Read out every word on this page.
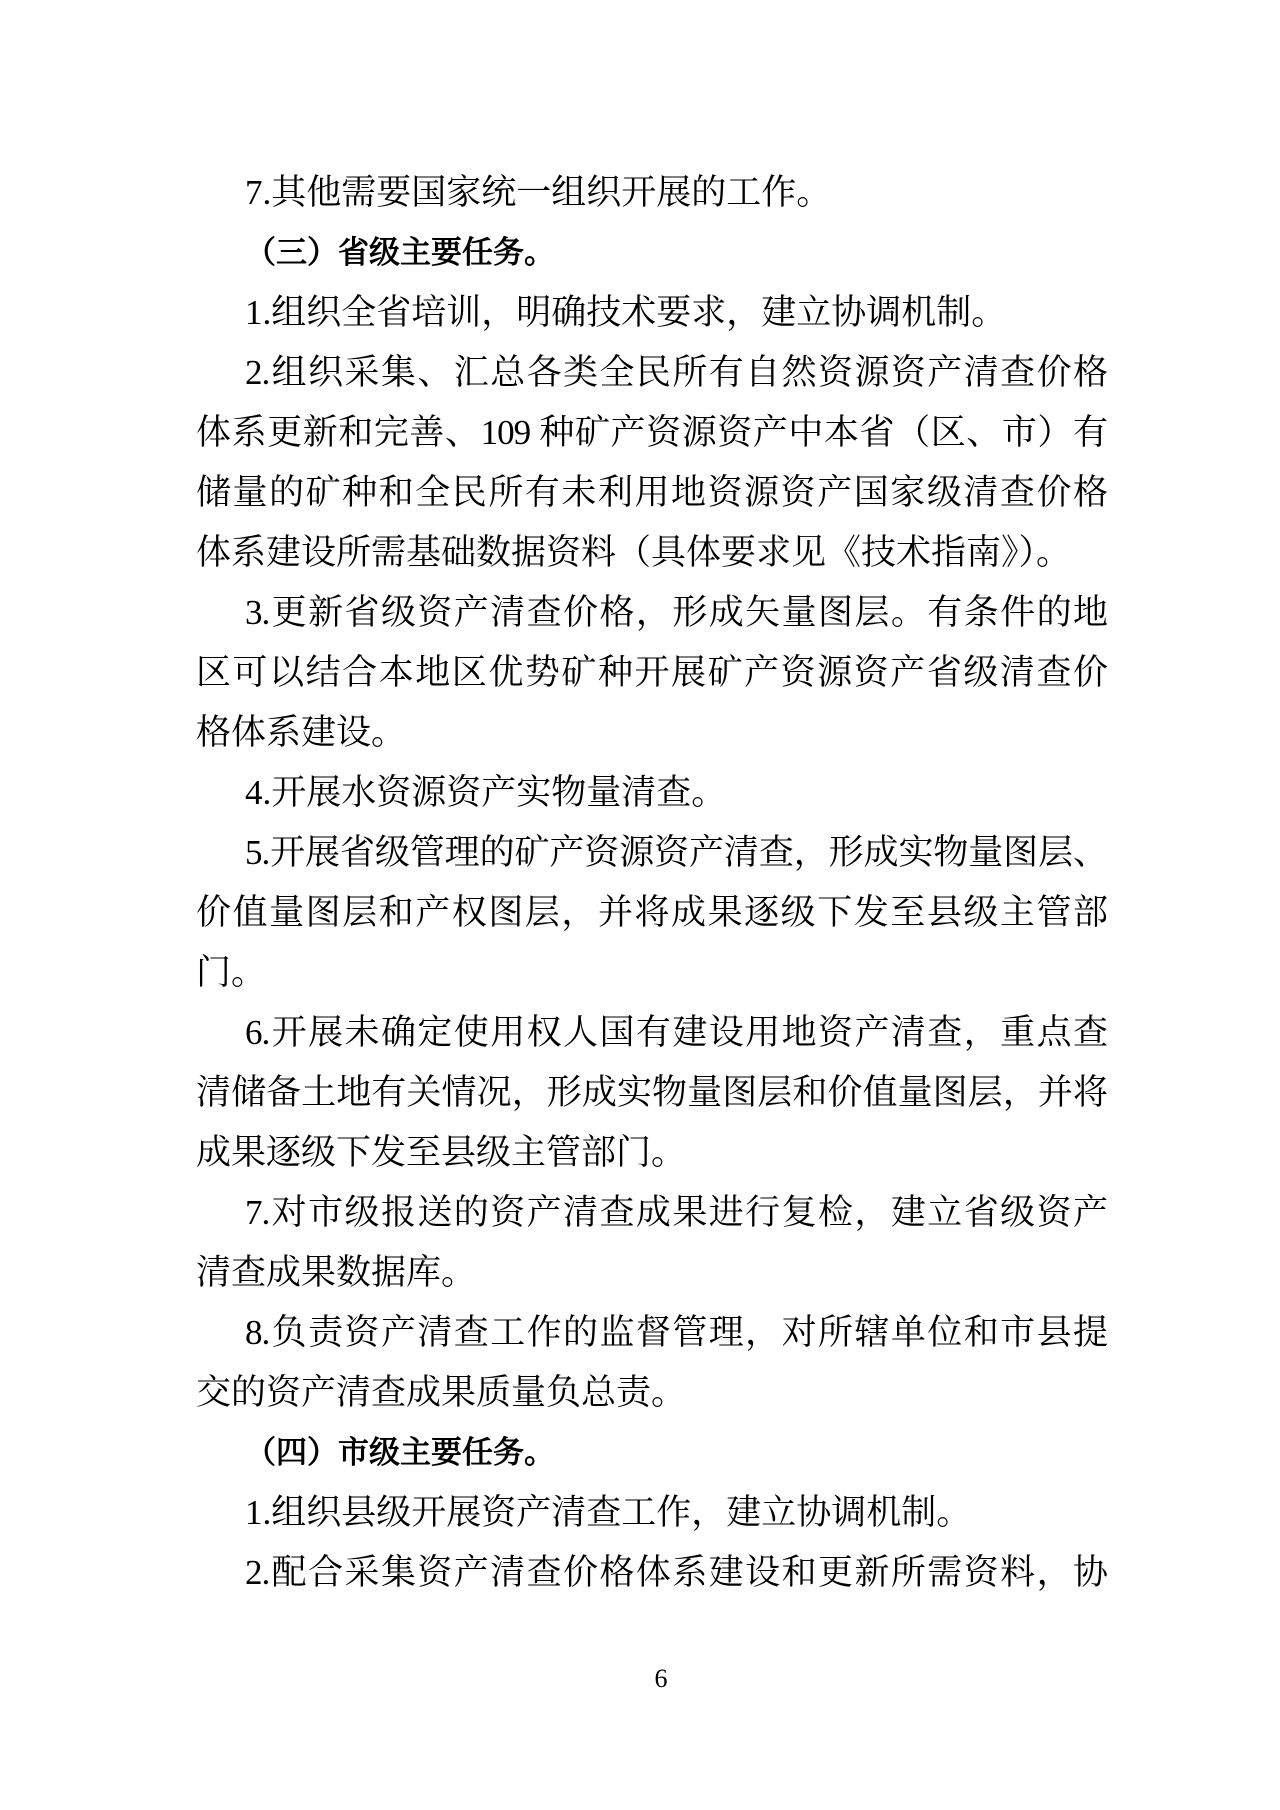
7.其他需要国家统一组织开展的工作。
（三）省级主要任务。
1.组织全省培训，明确技术要求，建立协调机制。
2.组织采集、汇总各类全民所有自然资源资产清查价格
体系更新和完善、109 种矿产资源资产中本省（区、市）有
储量的矿种和全民所有未利用地资源资产国家级清查价格
体系建设所需基础数据资料（具体要求见《技术指南》）。
3.更新省级资产清查价格，形成矢量图层。有条件的地
区可以结合本地区优势矿种开展矿产资源资产省级清查价
格体系建设。
4.开展水资源资产实物量清查。
5.开展省级管理的矿产资源资产清查，形成实物量图层、
价值量图层和产权图层，并将成果逐级下发至县级主管部
门。
6.开展未确定使用权人国有建设用地资产清查，重点查
清储备土地有关情况，形成实物量图层和价值量图层，并将
成果逐级下发至县级主管部门。
7.对市级报送的资产清查成果进行复检，建立省级资产
清查成果数据库。
8.负责资产清查工作的监督管理，对所辖单位和市县提
交的资产清查成果质量负总责。
（四）市级主要任务。
1.组织县级开展资产清查工作，建立协调机制。
2.配合采集资产清查价格体系建设和更新所需资料，协
6
